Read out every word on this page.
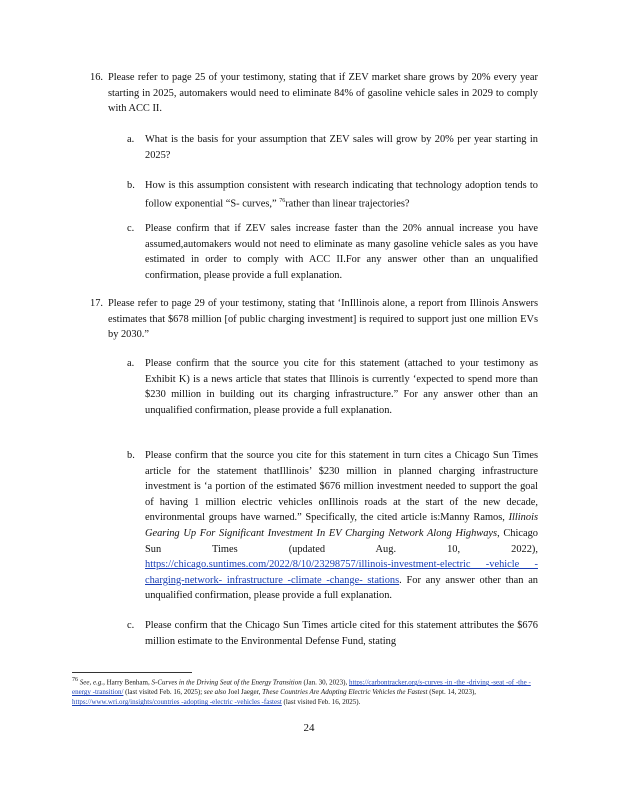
16. Please refer to page 25 of your testimony, stating that if ZEV market share grows by 20% every year starting in 2025, automakers would need to eliminate 84% of gasoline vehicle sales in 2029 to comply with ACC II.
a.	What is the basis for your assumption that ZEV sales will grow by 20% per year starting in 2025?
b. How is this assumption consistent with research indicating that technology adoption tends to follow exponential “S- curves,” $^{76}$rather than linear trajectories?
c.	Please confirm that if ZEV sales increase faster than the 20% annual increase you have assumed,automakers would not need to eliminate as many gasoline vehicle sales as you have estimated in order to comply with ACC II.For any answer other than an unqualified confirmation, please provide a full explanation.
17. Please refer to page 29 of your testimony, stating that ‘InIllinois alone, a report from Illinois Answers estimates that $678 million [of public charging investment] is required to support just one million EVs by 2030.”
a.	Please confirm that the source you cite for this statement (attached to your testimony as Exhibit K) is a news article that states that Illinois is currently ‘expected to spend more than $230 million in building out its charging infrastructure.” For any answer other than an unqualified confirmation, please provide a full explanation.
b. Please confirm that the source you cite for this statement in turn cites a Chicago Sun Times article for the statement thatIllinois’ $230 million in planned charging infrastructure investment is ‘a portion of the estimated $676 million investment needed to support the goal of having 1 million electric vehicles onIllinois roads at the start of the new decade, environmental groups have warned.” Specifically, the cited article is:Manny Ramos, Illinois Gearing Up For Significant Investment In EV Charging Network Along Highways, Chicago Sun Times (updated Aug. 10, 2022), https://chicago.suntimes.com/2022/8/10/23298757/illinois-investment-electric -vehicle -charging-network- infrastructure -climate -change- stations. For any answer other than an unqualified confirmation, please provide a full explanation.
c.	Please confirm that the Chicago Sun Times article cited for this statement attributes the $676 million estimate to the Environmental Defense Fund, stating
$^{76}$ See, e.g., Harry Benham, S-Curves in the Driving Seat of the Energy Transition (Jan. 30, 2023), https://carbontracker.org/s-curves -in -the -driving -seat -of -the -energy -transition/ (last visited Feb. 16, 2025); see also Joel Jaeger, These Countries Are Adopting Electric Vehicles the Fastest (Sept. 14, 2023), https://www.wri.org/insights/countries -adopting -electric -vehicles -fastest (last visited Feb. 16, 2025).
24
